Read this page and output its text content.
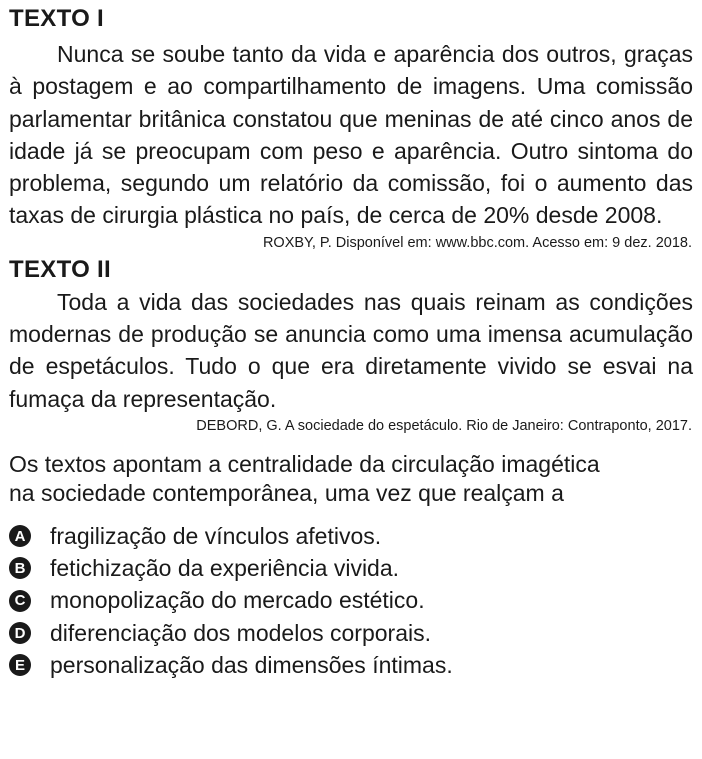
TEXTO I

Nunca se soube tanto da vida e aparência dos outros, graças à postagem e ao compartilhamento de imagens. Uma comissão parlamentar britânica constatou que meninas de até cinco anos de idade já se preocupam com peso e aparência. Outro sintoma do problema, segundo um relatório da comissão, foi o aumento das taxas de cirurgia plástica no país, de cerca de 20% desde 2008.

ROXBY, P. Disponível em: www.bbc.com. Acesso em: 9 dez. 2018.

TEXTO II

Toda a vida das sociedades nas quais reinam as condições modernas de produção se anuncia como uma imensa acumulação de espetáculos. Tudo o que era diretamente vivido se esvai na fumaça da representação.

DEBORD, G. A sociedade do espetáculo. Rio de Janeiro: Contraponto, 2017.

Os textos apontam a centralidade da circulação imagética
na sociedade contemporânea, uma vez que realçam a

A fragilização de vínculos afetivos.
B fetichização da experiência vivida.
C monopolização do mercado estético.
D diferenciação dos modelos corporais.
E personalização das dimensões íntimas.
